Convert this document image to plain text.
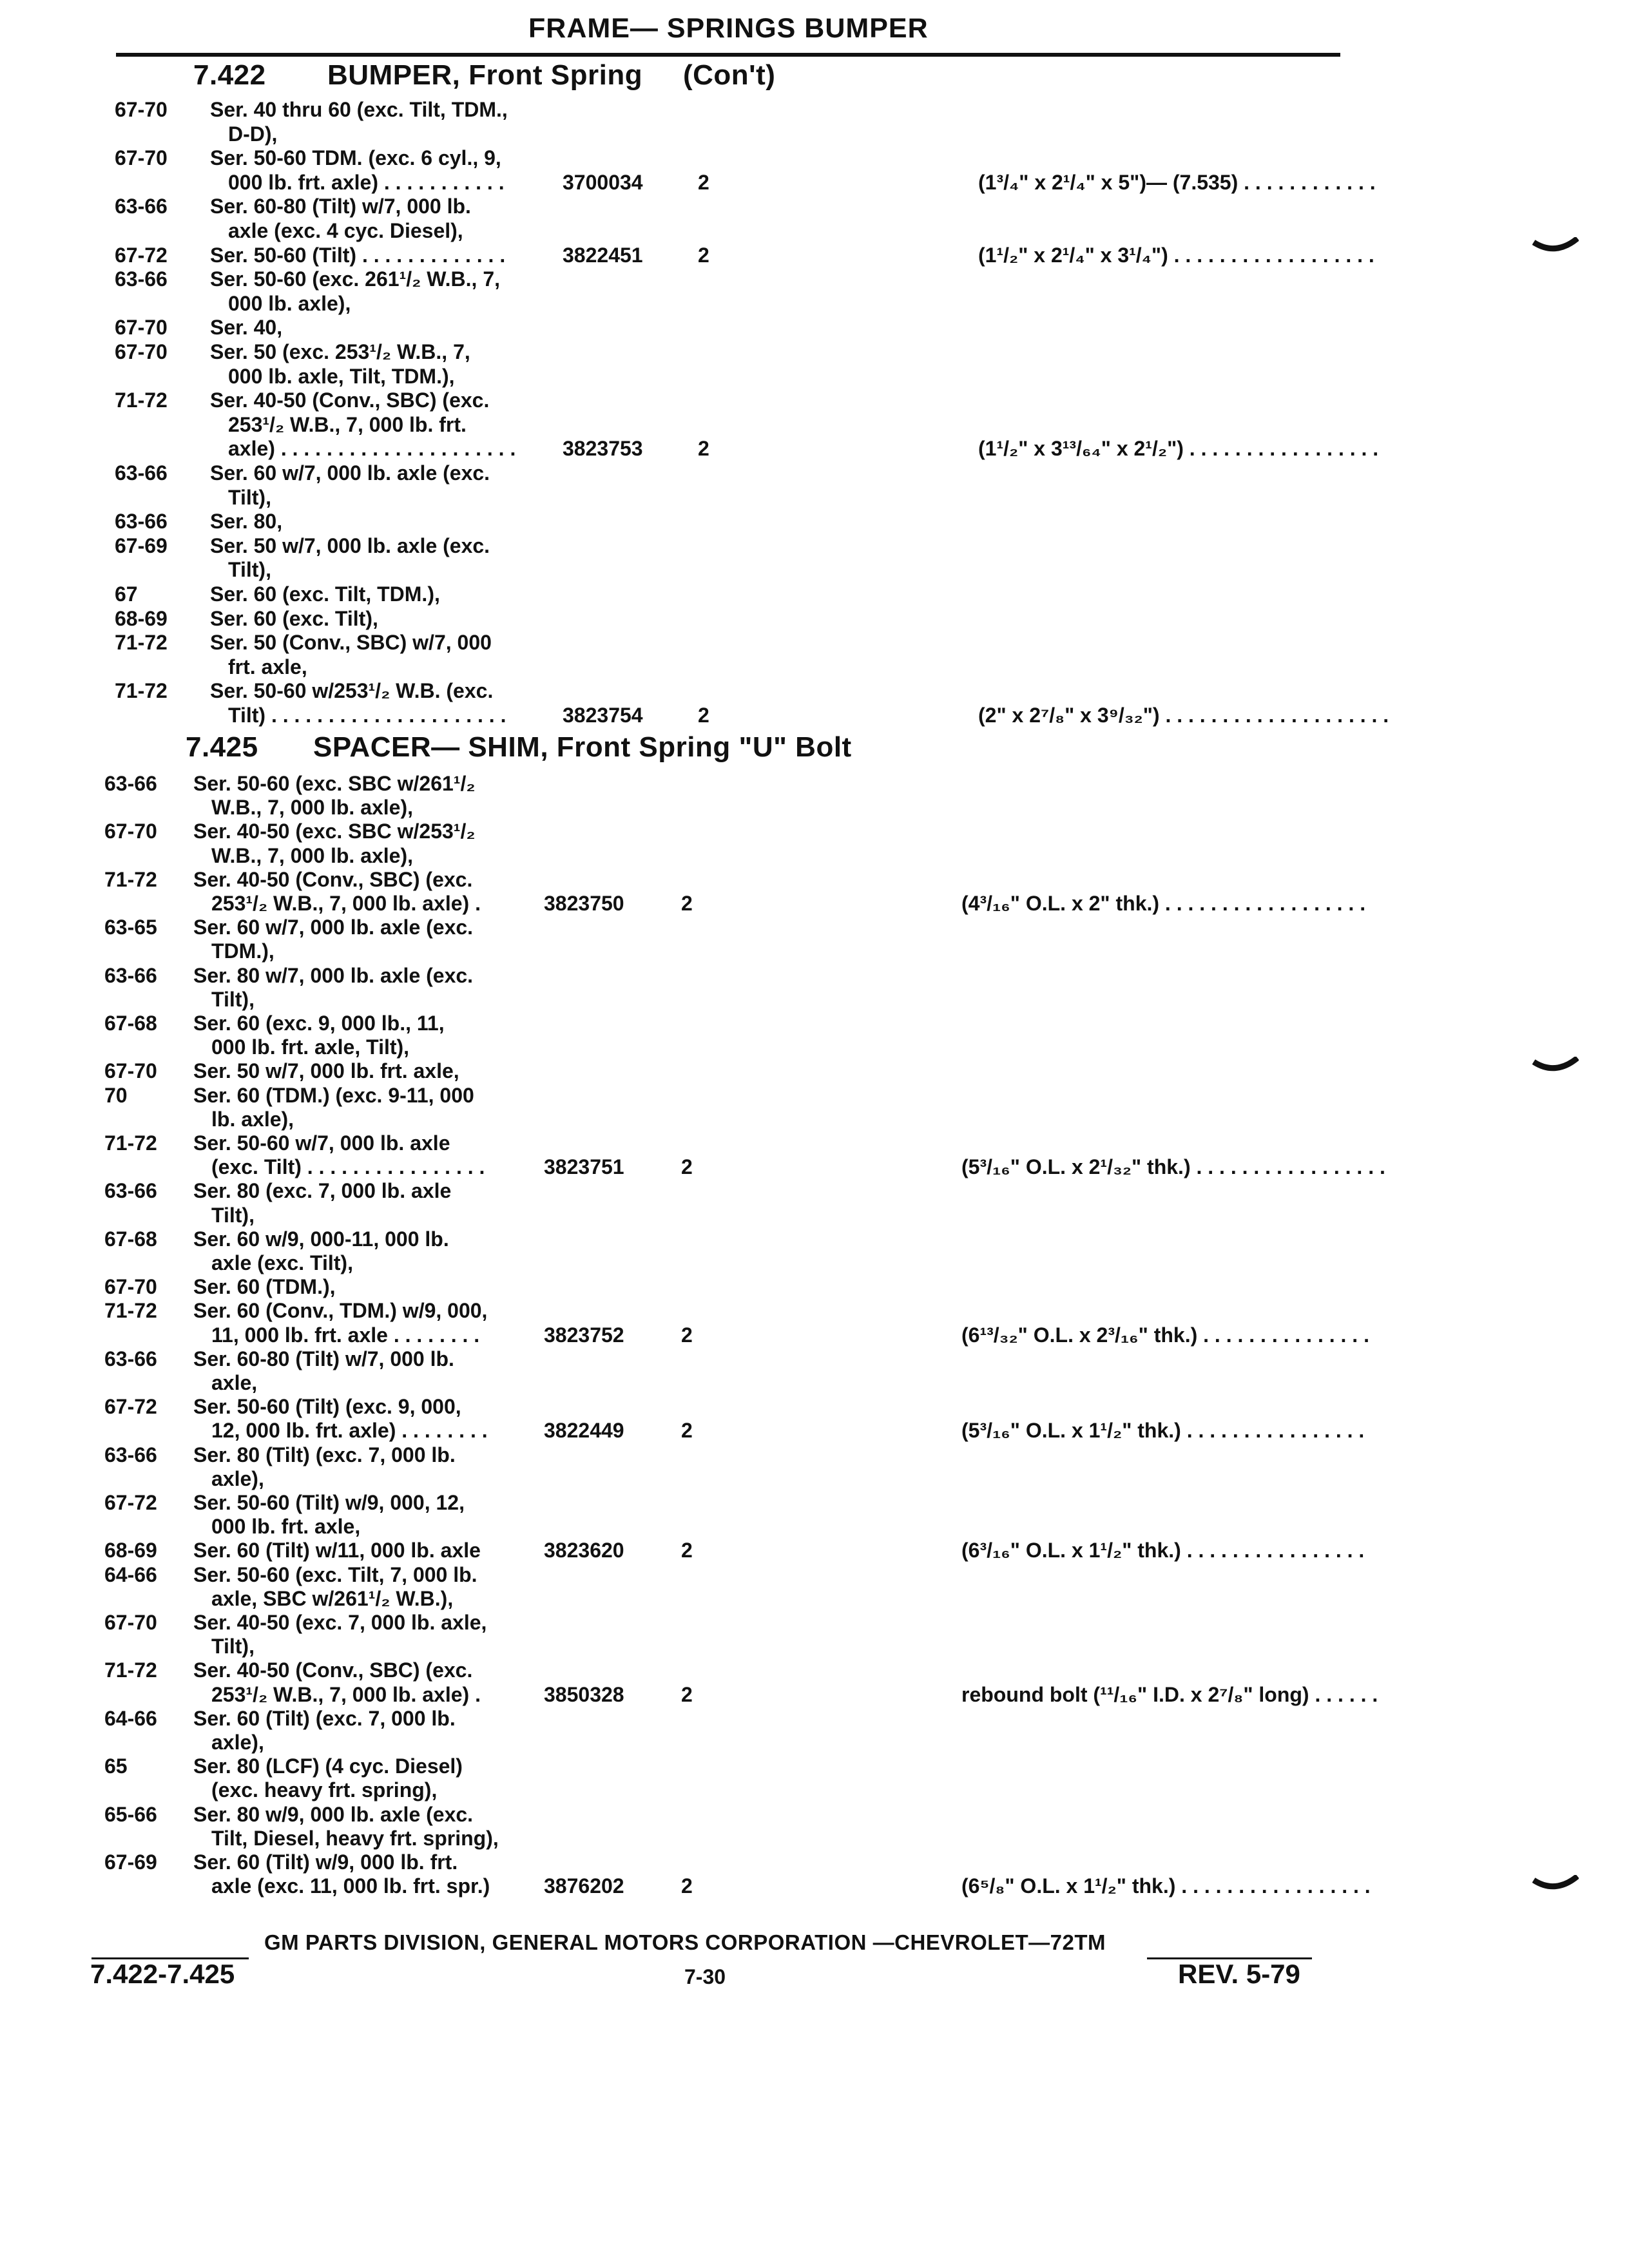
FRAME— SPRINGS BUMPER
7.422 BUMPER, Front Spring (Con't)
7.425 SPACER— SHIM, Front Spring "U" Bolt
67-70 Ser. 40 thru 60 (exc. Tilt, TDM.,
D-D),
67-70 Ser. 50-60 TDM. (exc. 6 cyl., 9,
000 lb. frt. axle) . . . . . . . . . . .	3700034	2	(1³/₄" x 2¹/₄" x 5")— (7.535) . . . . . . . . . . . .
63-66 Ser. 60-80 (Tilt) w/7, 000 lb.
axle (exc. 4 cyc. Diesel),
67-72 Ser. 50-60 (Tilt) . . . . . . . . . . . . .	3822451	2	(1¹/₂" x 2¹/₄" x 3¹/₄") . . . . . . . . . . . . . . . . . .
63-66 Ser. 50-60 (exc. 261¹/₂ W.B., 7,
000 lb. axle),
67-70 Ser. 40,
67-70 Ser. 50 (exc. 253¹/₂ W.B., 7,
000 lb. axle, Tilt, TDM.),
71-72 Ser. 40-50 (Conv., SBC) (exc.
253¹/₂ W.B., 7, 000 lb. frt.
axle) . . . . . . . . . . . . . . . . . . . . . 3823753	2	(1¹/₂" x 3¹³/₆₄" x 2¹/₂") . . . . . . . . . . . . . . . . .
63-66 Ser. 60 w/7, 000 lb. axle (exc.
Tilt),
63-66 Ser. 80,
67-69 Ser. 50 w/7, 000 lb. axle (exc.
Tilt),
67	Ser. 60 (exc. Tilt, TDM.),
68-69 Ser. 60 (exc. Tilt),
71-72 Ser. 50 (Conv., SBC) w/7, 000
frt. axle,
71-72 Ser. 50-60 w/253¹/₂ W.B. (exc.
Tilt) . . . . . . . . . . . . . . . . . . . . .	3823754	2	(2" x 2⁷/₈" x 3⁹/₃₂") . . . . . . . . . . . . . . . . . . . .
63-66 Ser. 50-60 (exc. SBC w/261¹/₂
W.B., 7, 000 lb. axle),
67-70 Ser. 40-50 (exc. SBC w/253¹/₂
W.B., 7, 000 lb. axle),
71-72 Ser. 40-50 (Conv., SBC) (exc.
253¹/₂ W.B., 7, 000 lb. axle) .	3823750	2	(4³/₁₆" O.L. x 2" thk.) . . . . . . . . . . . . . . . . . .
63-65 Ser. 60 w/7, 000 lb. axle (exc.
TDM.),
63-66 Ser. 80 w/7, 000 lb. axle (exc.
Tilt),
67-68 Ser. 60 (exc. 9, 000 lb., 11,
000 lb. frt. axle, Tilt),
67-70 Ser. 50 w/7, 000 lb. frt. axle,
70	Ser. 60 (TDM.) (exc. 9-11, 000
lb. axle),
71-72 Ser. 50-60 w/7, 000 lb. axle
(exc. Tilt) . . . . . . . . . . . . . . . .	3823751	2	(5³/₁₆" O.L. x 2¹/₃₂" thk.) . . . . . . . . . . . . . . . . .
63-66 Ser. 80 (exc. 7, 000 lb. axle
Tilt),
67-68 Ser. 60 w/9, 000-11, 000 lb.
axle (exc. Tilt),
67-70 Ser. 60 (TDM.),
71-72 Ser. 60 (Conv., TDM.) w/9, 000,
11, 000 lb. frt. axle . . . . . . . .	3823752	2	(6¹³/₃₂" O.L. x 2³/₁₆" thk.) . . . . . . . . . . . . . . .
63-66 Ser. 60-80 (Tilt) w/7, 000 lb.
axle,
67-72 Ser. 50-60 (Tilt) (exc. 9, 000,
12, 000 lb. frt. axle) . . . . . . . .	3822449	2	(5³/₁₆" O.L. x 1¹/₂" thk.) . . . . . . . . . . . . . . . .
63-66 Ser. 80 (Tilt) (exc. 7, 000 lb.
axle),
67-72 Ser. 50-60 (Tilt) w/9, 000, 12,
000 lb. frt. axle,
68-69 Ser. 60 (Tilt) w/11, 000 lb. axle	3823620	2	(6³/₁₆" O.L. x 1¹/₂" thk.) . . . . . . . . . . . . . . . .
64-66 Ser. 50-60 (exc. Tilt, 7, 000 lb.
axle, SBC w/261¹/₂ W.B.),
67-70 Ser. 40-50 (exc. 7, 000 lb. axle,
Tilt),
71-72 Ser. 40-50 (Conv., SBC) (exc.
253¹/₂ W.B., 7, 000 lb. axle) .	3850328	2	rebound bolt (¹¹/₁₆" I.D. x 2⁷/₈" long) . . . . . .
64-66 Ser. 60 (Tilt) (exc. 7, 000 lb.
axle),
65	Ser. 80 (LCF) (4 cyc. Diesel)
(exc. heavy frt. spring),
65-66 Ser. 80 w/9, 000 lb. axle (exc.
Tilt, Diesel, heavy frt. spring),
67-69 Ser. 60 (Tilt) w/9, 000 lb. frt.
axle (exc. 11, 000 lb. frt. spr.)	3876202	2	(6⁵/₈" O.L. x 1¹/₂" thk.) . . . . . . . . . . . . . . . . .
GM PARTS DIVISION, GENERAL MOTORS CORPORATION —CHEVROLET—72TM
7.422-7.425	7-30	REV. 5-79
